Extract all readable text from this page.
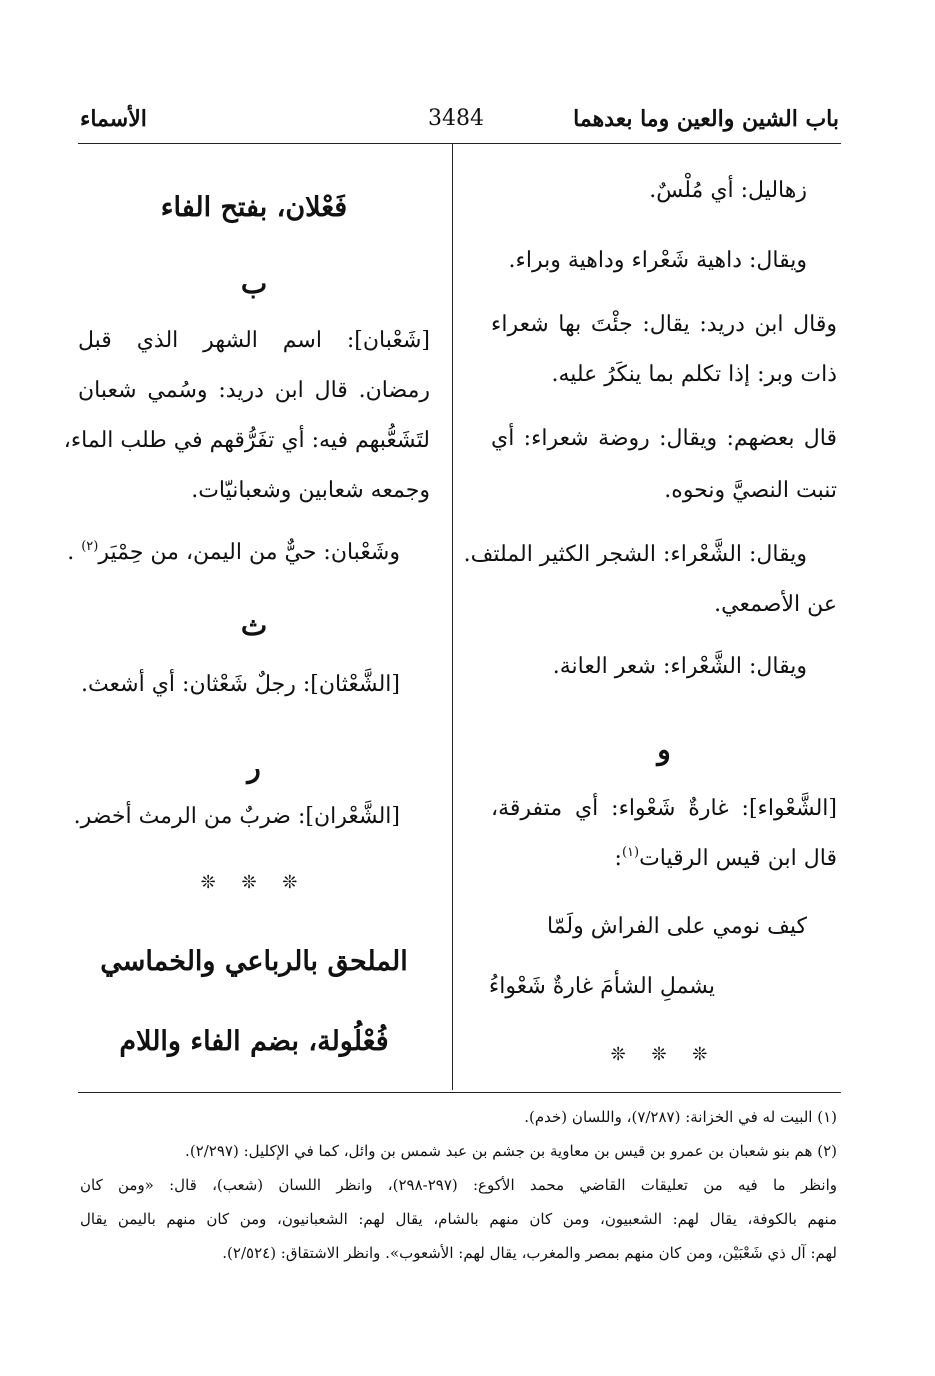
باب الشين والعين وما بعدهما
3484
الأسماء
زهاليل: أي مُلْسٌ.
ويقال: داهية شَعْراء وداهية وبراء.
وقال ابن دريد: يقال: جئْتَ بها شعراء
ذات وبر: إذا تكلم بما ينكَرُ عليه.
قال بعضهم: ويقال: روضة شعراء: أي
تنبت النصيَّ ونحوه.
ويقال: الشَّعْراء: الشجر الكثير الملتف.
عن الأصمعي.
ويقال: الشَّعْراء: شعر العانة.
و
[الشَّعْواء]: غارةٌ شَعْواء: أي متفرقة،
قال ابن قيس الرقيات$^{(١)}$:
كيف نومي على الفراش ولَمّا
يشملِ الشأمَ غارةٌ شَعْواءُ
❊ ❊ ❊
فَعْلان، بفتح الفاء
ب
[شَعْبان]: اسم الشهر الذي قبل
رمضان. قال ابن دريد: وسُمي شعبان
لتَشَعُّبهم فيه: أي تفَرُّقهم في طلب الماء،
وجمعه شعابين وشعبانيّات.
وشَعْبان: حيٌّ من اليمن، من حِمْيَر$^{(٢)}$ .
ث
[الشَّعْثان]: رجلٌ شَعْثان: أي أشعث.
ر
[الشَّعْران]: ضربٌ من الرمث أخضر.
❊ ❊ ❊
الملحق بالرباعي والخماسي
فُعْلُولة، بضم الفاء واللام
(١) البيت له في الخزانة: (٧/٢٨٧)، واللسان (خدم).
(٢) هم بنو شعبان بن عمرو بن قيس بن معاوية بن جشم بن عبد شمس بن وائل، كما في الإكليل: (٢/٢٩٧).
وانظر ما فيه من تعليقات القاضي محمد الأكوع: (٢٩٧-٢٩٨)، وانظر اللسان (شعب)، قال: «ومن كان
منهم بالكوفة، يقال لهم: الشعبيون، ومن كان منهم بالشام، يقال لهم: الشعبانيون، ومن كان منهم باليمن يقال
لهم: آل ذي شَعْبَيْن، ومن كان منهم بمصر والمغرب، يقال لهم: الأشعوب». وانظر الاشتقاق: (٢/٥٢٤).
